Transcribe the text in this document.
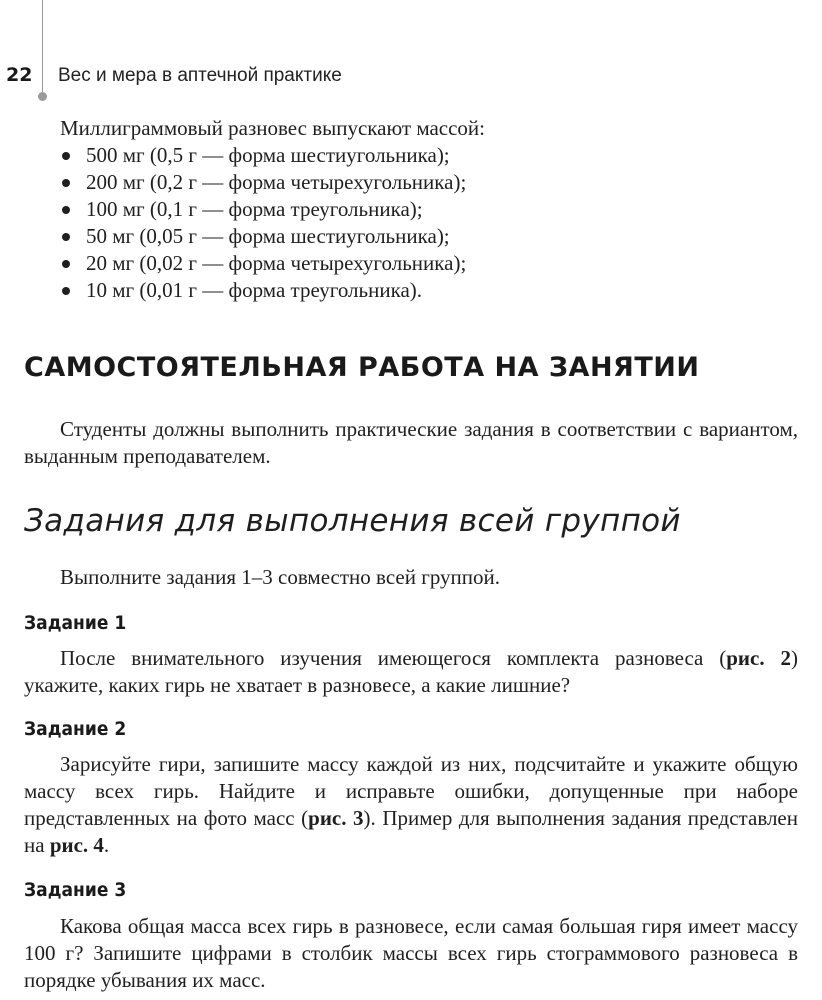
22 Вес и мера в аптечной практике
Миллиграммовый разновес выпускают массой:
500 мг (0,5 г — форма шестиугольника);
200 мг (0,2 г — форма четырехугольника);
100 мг (0,1 г — форма треугольника);
50 мг (0,05 г — форма шестиугольника);
20 мг (0,02 г — форма четырехугольника);
10 мг (0,01 г — форма треугольника).
САМОСТОЯТЕЛЬНАЯ РАБОТА НА ЗАНЯТИИ
Студенты должны выполнить практические задания в соответствии с вариантом, выданным преподавателем.
Задания для выполнения всей группой
Выполните задания 1–3 совместно всей группой.
Задание 1
После внимательного изучения имеющегося комплекта разновеса (рис. 2) укажите, каких гирь не хватает в разновесе, а какие лишние?
Задание 2
Зарисуйте гири, запишите массу каждой из них, подсчитайте и укажите общую массу всех гирь. Найдите и исправьте ошибки, допущенные при наборе представленных на фото масс (рис. 3). Пример для выполнения задания представлен на рис. 4.
Задание 3
Какова общая масса всех гирь в разновесе, если самая большая гиря имеет массу 100 г? Запишите цифрами в столбик массы всех гирь стограммового разновеса в порядке убывания их масс.
